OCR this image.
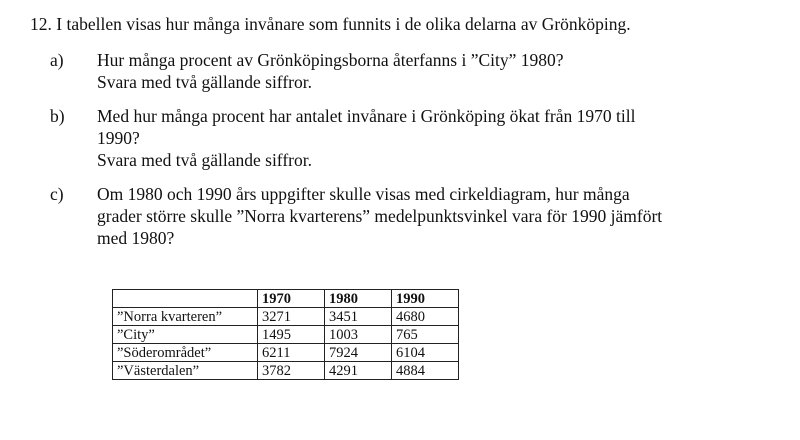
12. I tabellen visas hur många invånare som funnits i de olika delarna av Grönköping.
a) Hur många procent av Grönköpingsborna återfanns i ”City” 1980?
Svara med två gällande siffror.
b) Med hur många procent har antalet invånare i Grönköping ökat från 1970 till
1990?
Svara med två gällande siffror.
c) Om 1980 och 1990 års uppgifter skulle visas med cirkeldiagram, hur många
grader större skulle ”Norra kvarterens” medelpunktsvinkel vara för 1990 jämfört
med 1980?
	1970	1980	1990
”Norra kvarteren”	3271	3451	4680
”City”	1495	1003	765
”Söderområdet”	6211	7924	6104
”Västerdalen”	3782	4291	4884
